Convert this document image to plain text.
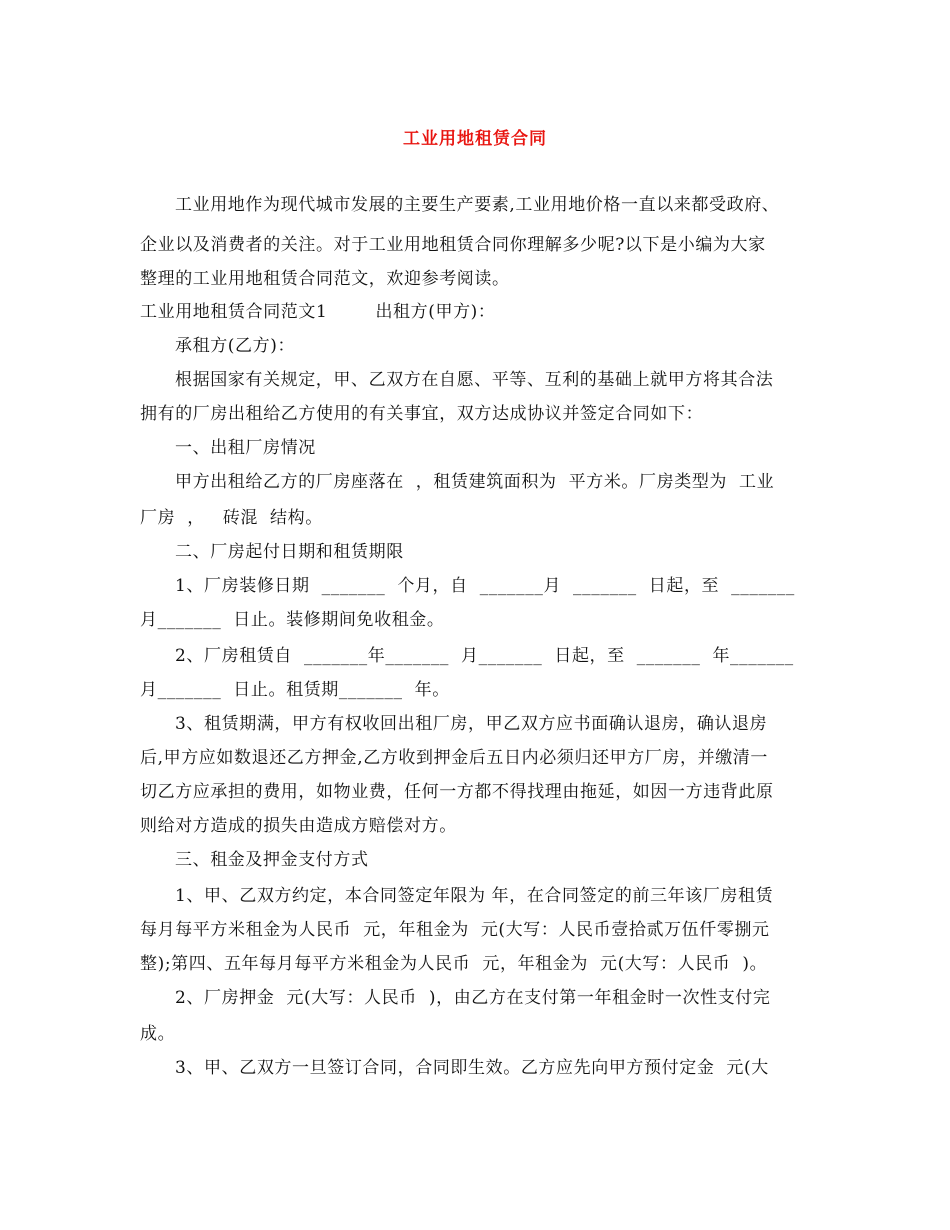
工业用地租赁合同
工业用地作为现代城市发展的主要生产要素,工业用地价格一直以来都受政府、
企业以及消费者的关注。对于工业用地租赁合同你理解多少呢?以下是小编为大家
整理的工业用地租赁合同范文，欢迎参考阅读。
工业用地租赁合同范文1        出租方(甲方)：
承租方(乙方)：
根据国家有关规定，甲、乙双方在自愿、平等、互利的基础上就甲方将其合法
拥有的厂房出租给乙方使用的有关事宜，双方达成协议并签定合同如下：
一、出租厂房情况
甲方出租给乙方的厂房座落在  ，租赁建筑面积为  平方米。厂房类型为  工业
厂房  ，   砖混  结构。
二、厂房起付日期和租赁期限
1、厂房装修日期  _______  个月，自  _______月  _______  日起，至  _______
月_______  日止。装修期间免收租金。
2、厂房租赁自  _______年_______  月_______  日起，至  _______  年_______
月_______  日止。租赁期_______  年。
3、租赁期满，甲方有权收回出租厂房，甲乙双方应书面确认退房，确认退房
后,甲方应如数退还乙方押金,乙方收到押金后五日内必须归还甲方厂房，并缴清一
切乙方应承担的费用，如物业费，任何一方都不得找理由拖延，如因一方违背此原
则给对方造成的损失由造成方赔偿对方。
三、租金及押金支付方式
1、甲、乙双方约定，本合同签定年限为 年，在合同签定的前三年该厂房租赁
每月每平方米租金为人民币  元，年租金为  元(大写：人民币壹拾贰万伍仟零捌元
整);第四、五年每月每平方米租金为人民币  元，年租金为  元(大写：人民币  )。
2、厂房押金  元(大写：人民币  )，由乙方在支付第一年租金时一次性支付完
成。
3、甲、乙双方一旦签订合同，合同即生效。乙方应先向甲方预付定金  元(大
